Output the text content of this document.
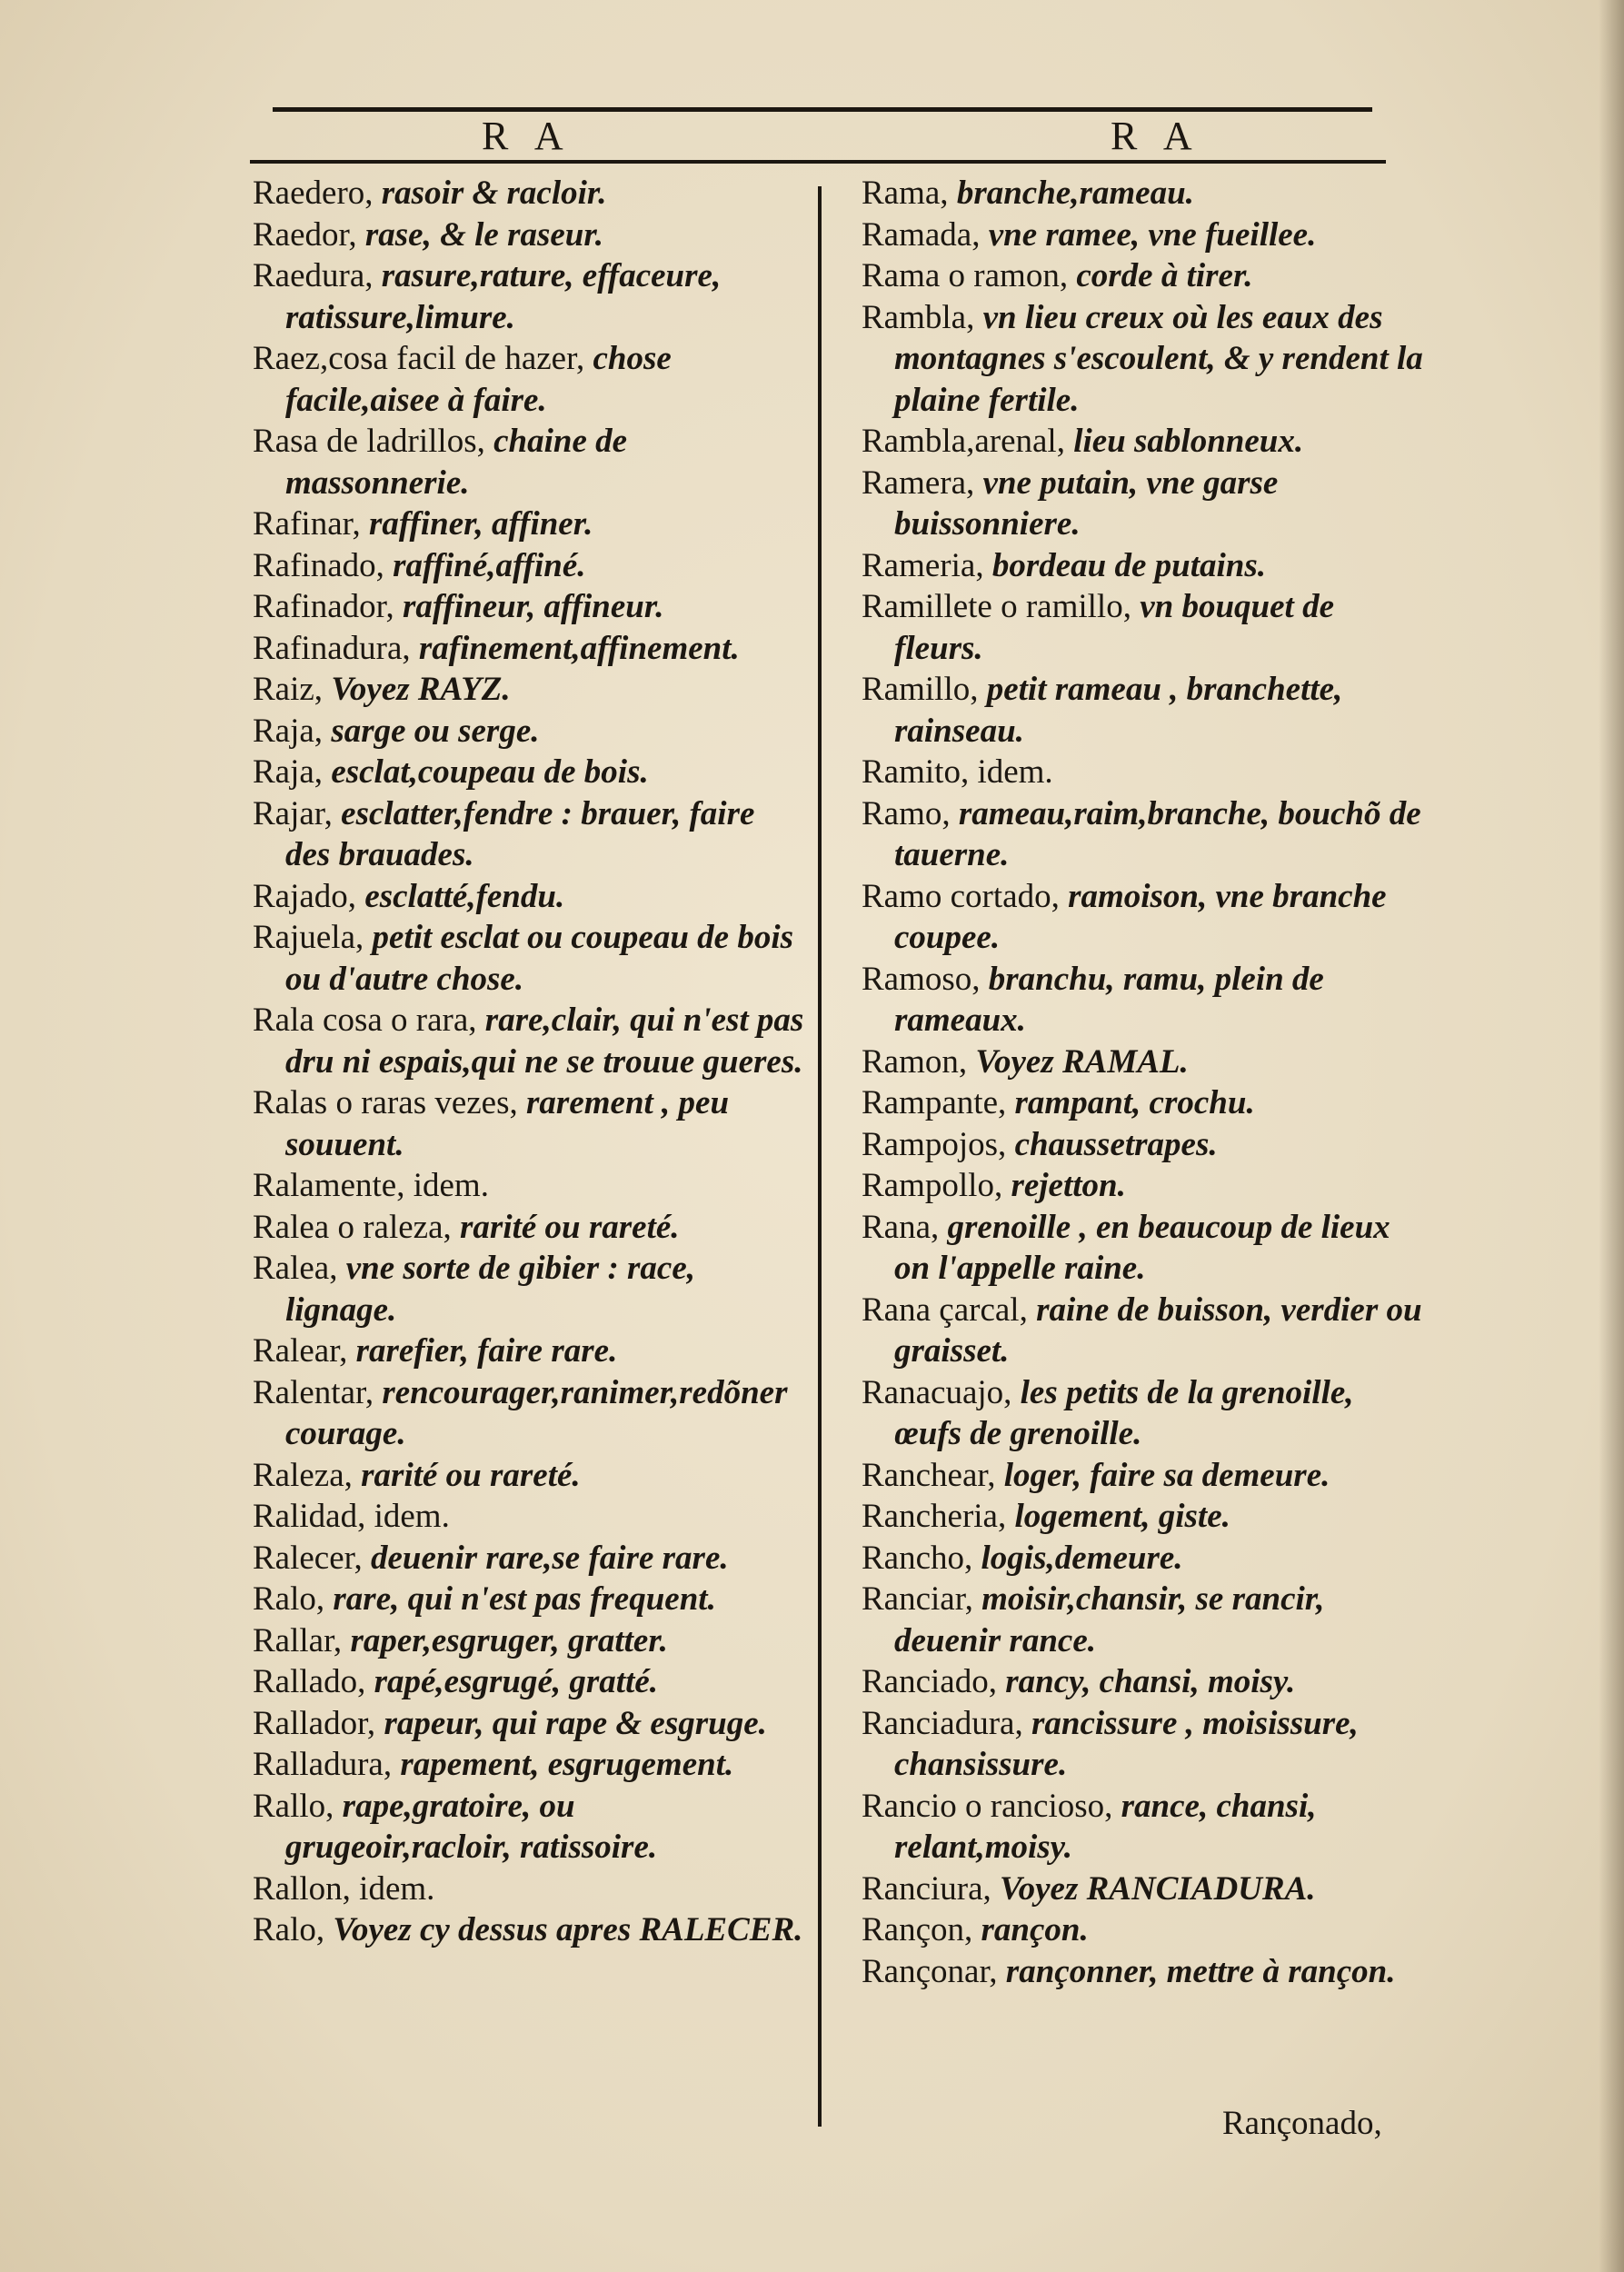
R A	R A
Raedero, rasoir & racloir.
Raedor, rase, & le raseur.
Raedura, rasure,rature, effaceure, ratissure,limure.
Raez,cosa facil de hazer, chose facile,aisee à faire.
Rasa de ladrillos, chaine de massonnerie.
Rafinar, raffiner, affiner.
Rafinado, raffiné,affiné.
Rafinador, raffineur, affineur.
Rafinadura, rafinement,affinement.
Raiz, Voyez RAYZ.
Raja, sarge ou serge.
Raja, esclat,coupeau de bois.
Rajar, esclatter,fendre : brauer, faire des brauades.
Rajado, esclatté,fendu.
Rajuela, petit esclat ou coupeau de bois ou d'autre chose.
Rala cosa o rara, rare,clair, qui n'est pas dru ni espais,qui ne se trouue gueres.
Ralas o raras vezes, rarement , peu souuent.
Ralamente, idem.
Ralea o raleza, rarité ou rareté.
Ralea, vne sorte de gibier : race, lignage.
Ralear, rarefier, faire rare.
Ralentar, rencourager,ranimer,redõner courage.
Raleza, rarité ou rareté.
Ralidad, idem.
Ralecer, deuenir rare,se faire rare.
Ralo, rare, qui n'est pas frequent.
Rallar, raper,esgruger, gratter.
Rallado, rapé,esgrugé, gratté.
Rallador, rapeur, qui rape & esgruge.
Ralladura, rapement, esgrugement.
Rallo, rape,gratoire, ou grugeoir,racloir, ratissoire.
Rallon, idem.
Ralo, Voyez cy dessus apres RALECER.
Rama, branche,rameau.
Ramada, vne ramee, vne fueillee.
Rama o ramon, corde à tirer.
Rambla, vn lieu creux où les eaux des montagnes s'escoulent, & y rendent la plaine fertile.
Rambla,arenal, lieu sablonneux.
Ramera, vne putain, vne garse buissonniere.
Rameria, bordeau de putains.
Ramillete o ramillo, vn bouquet de fleurs.
Ramillo, petit rameau , branchette, rainseau.
Ramito, idem.
Ramo, rameau,raim,branche, bouchõ de tauerne.
Ramo cortado, ramoison, vne branche coupee.
Ramoso, branchu, ramu, plein de rameaux.
Ramon, Voyez RAMAL.
Rampante, rampant, crochu.
Rampojos, chaussetrapes.
Rampollo, rejetton.
Rana, grenoille , en beaucoup de lieux on l'appelle raine.
Rana çarcal, raine de buisson, verdier ou graisset.
Ranacuajo, les petits de la grenoille, œufs de grenoille.
Ranchear, loger, faire sa demeure.
Rancheria, logement, giste.
Rancho, logis,demeure.
Ranciar, moisir,chansir, se rancir, deuenir rance.
Ranciado, rancy, chansi, moisy.
Ranciadura, rancissure , moisissure, chansissure.
Rancio o rancioso, rance, chansi, relant,moisy.
Ranciura, Voyez RANCIADURA.
Rançon, rançon.
Rançonar, rançonner, mettre à rançon.
Rançonado,
